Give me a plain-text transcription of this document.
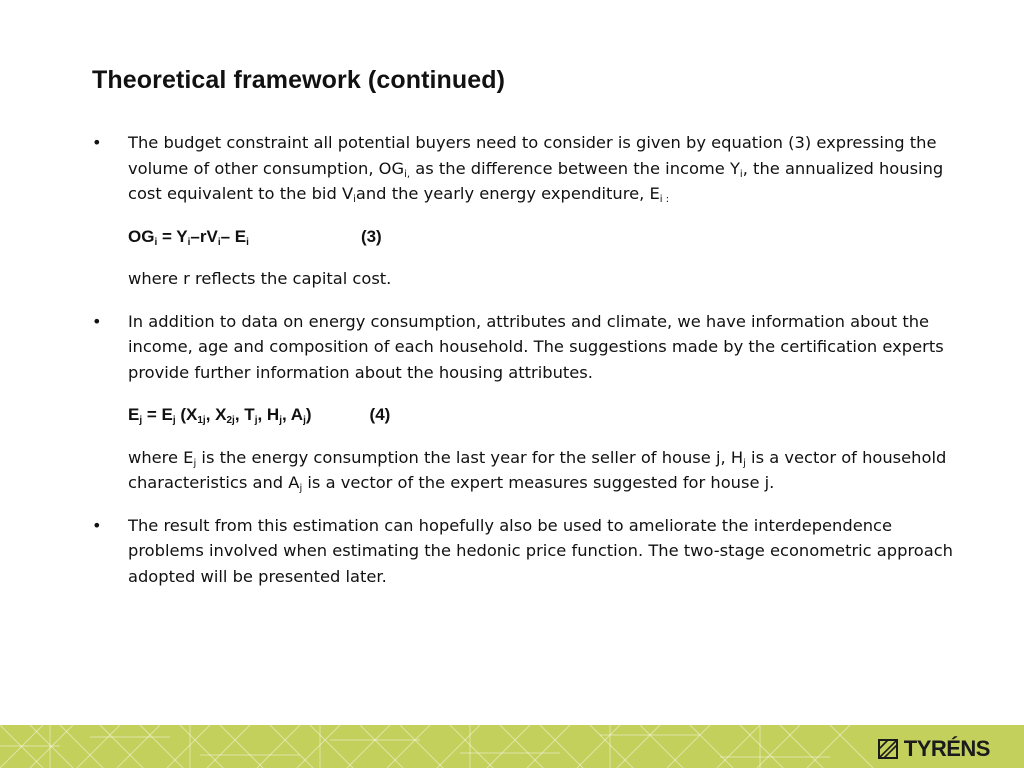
Theoretical framework (continued)
• The budget constraint all potential buyers need to consider is given by equation (3) expressing the volume of other consumption, $OG_{i,}$ as the difference between the income $Y_i$, the annualized housing cost equivalent to the bid $V_iand$ the yearly energy expenditure, $E_{i :}$
$OG_i = Y_i-rV_i-$ $E_i$	(3)
where r reflects the capital cost.
• In addition to data on energy consumption, attributes and climate, we have information about the income, age and composition of each household. The suggestions made by the certification experts provide further information about the housing attributes.
$E_j = E_j$ ($X_{1j}$, $X_{2j}$, $T_j$, $H_j$, $A_j$)	(4)
where $E_j$ is the energy consumption the last year for the seller of house j, $H_j$ is a vector of household characteristics and $A_j$ is a vector of the expert measures suggested for house j.
• The result from this estimation can hopefully also be used to ameliorate the interdependence problems involved when estimating the hedonic price function. The two-stage econometric approach adopted will be presented later.
TYRÉNS
